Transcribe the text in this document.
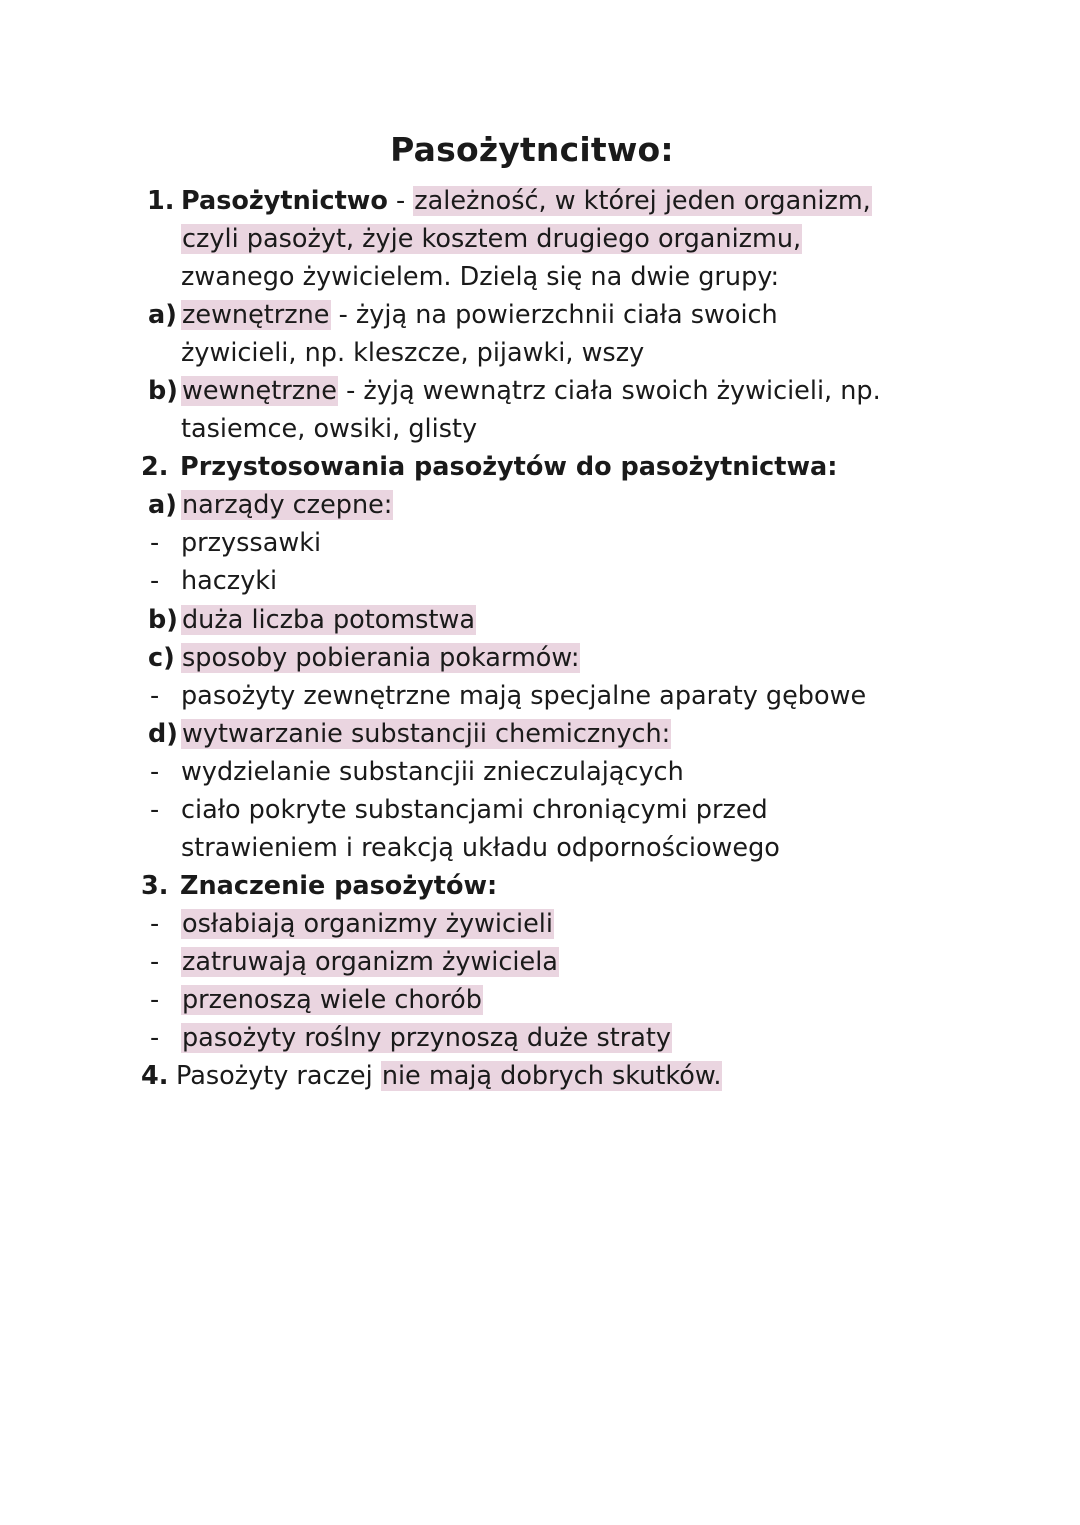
Pasożytncitwo:
1. Pasożytnictwo - zależność, w której jeden organizm,
czyli pasożyt, żyje kosztem drugiego organizmu,
zwanego żywicielem. Dzielą się na dwie grupy:
a) zewnętrzne - żyją na powierzchnii ciała swoich
żywicieli, np. kleszcze, pijawki, wszy
b) wewnętrzne - żyją wewnątrz ciała swoich żywicieli, np.
tasiemce, owsiki, glisty
2. Przystosowania pasożytów do pasożytnictwa:
a) narządy czepne:
- przyssawki
- haczyki
b) duża liczba potomstwa
c) sposoby pobierania pokarmów:
- pasożyty zewnętrzne mają specjalne aparaty gębowe
d) wytwarzanie substancjii chemicznych:
- wydzielanie substancjii znieczulających
- ciało pokryte substancjami chroniącymi przed
strawieniem i reakcją układu odpornościowego
3. Znaczenie pasożytów:
- osłabiają organizmy żywicieli
- zatruwają organizm żywiciela
- przenoszą wiele chorób
- pasożyty roślny przynoszą duże straty
4. Pasożyty raczej nie mają dobrych skutków.
